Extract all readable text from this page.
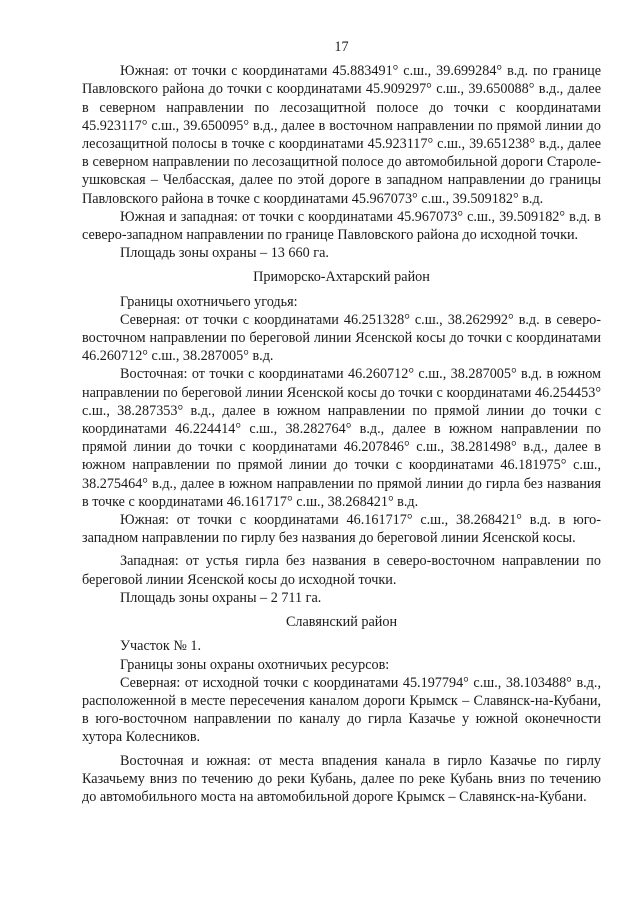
17

Южная: от точки с координатами 45.883491° с.ш., 39.699284° в.д. по границе Павловского района до точки с координатами 45.909297° с.ш., 39.650088° в.д., далее в северном направлении по лесозащитной полосе до точки с координатами 45.923117° с.ш., 39.650095° в.д., далее в восточном направлении по прямой линии до лесозащитной полосы в точке с координатами 45.923117° с.ш., 39.651238° в.д., далее в северном направлении по лесозащитной полосе до автомобильной дороги Старолеушковская – Челбасская, далее по этой дороге в западном направлении до границы Павловского района в точке с координатами 45.967073° с.ш., 39.509182° в.д.

Южная и западная: от точки с координатами 45.967073° с.ш., 39.509182° в.д. в северо-западном направлении по границе Павловского района до исходной точки.

Площадь зоны охраны – 13 660 га.

Приморско-Ахтарский район

Границы охотничьего угодья:

Северная: от точки с координатами 46.251328° с.ш., 38.262992° в.д. в северо-восточном направлении по береговой линии Ясенской косы до точки с координатами 46.260712° с.ш., 38.287005° в.д.

Восточная: от точки с координатами 46.260712° с.ш., 38.287005° в.д. в южном направлении по береговой линии Ясенской косы до точки с координатами 46.254453° с.ш., 38.287353° в.д., далее в южном направлении по прямой линии до точки с координатами 46.224414° с.ш., 38.282764° в.д., далее в южном направлении по прямой линии до точки с координатами 46.207846° с.ш., 38.281498° в.д., далее в южном направлении по прямой линии до точки с координатами 46.181975° с.ш., 38.275464° в.д., далее в южном направлении по прямой линии до гирла без названия в точке с координатами 46.161717° с.ш., 38.268421° в.д.

Южная: от точки с координатами 46.161717° с.ш., 38.268421° в.д. в юго-западном направлении по гирлу без названия до береговой линии Ясенской косы.

Западная: от устья гирла без названия в северо-восточном направлении по береговой линии Ясенской косы до исходной точки.

Площадь зоны охраны – 2 711 га.

Славянский район

Участок № 1.

Границы зоны охраны охотничьих ресурсов:

Северная: от исходной точки с координатами 45.197794° с.ш., 38.103488° в.д., расположенной в месте пересечения каналом дороги Крымск – Славянск-на-Кубани, в юго-восточном направлении по каналу до гирла Казачье у южной оконечности хутора Колесников.

Восточная и южная: от места впадения канала в гирло Казачье по гирлу Казачьему вниз по течению до реки Кубань, далее по реке Кубань вниз по течению до автомобильного моста на автомобильной дороге Крымск – Славянск-на-Кубани.
